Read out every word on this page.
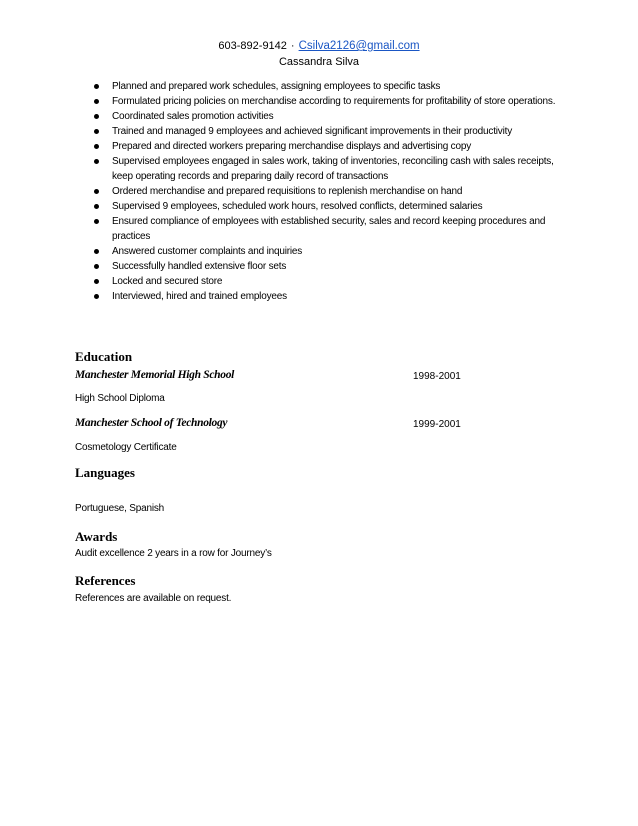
603-892-9142 · Csilva2126@gmail.com
Cassandra Silva
Planned and prepared work schedules, assigning employees to specific tasks
Formulated pricing policies on merchandise according to requirements for profitability of store operations.
Coordinated sales promotion activities
Trained and managed 9 employees and achieved significant improvements in their productivity
Prepared and directed workers preparing merchandise displays and advertising copy
Supervised employees engaged in sales work, taking of inventories, reconciling cash with sales receipts, keep operating records and preparing daily record of transactions
Ordered merchandise and prepared requisitions to replenish merchandise on hand
Supervised 9 employees, scheduled work hours, resolved conflicts, determined salaries
Ensured compliance of employees with established security, sales and record keeping procedures and practices
Answered customer complaints and inquiries
Successfully handled extensive floor sets
Locked and secured store
Interviewed, hired and trained employees
Education
Manchester Memorial High School	1998-2001
High School Diploma
Manchester School of Technology	1999-2001
Cosmetology Certificate
Languages
Portuguese, Spanish
Awards
Audit excellence 2 years in a row for Journey’s
References
References are available on request.
